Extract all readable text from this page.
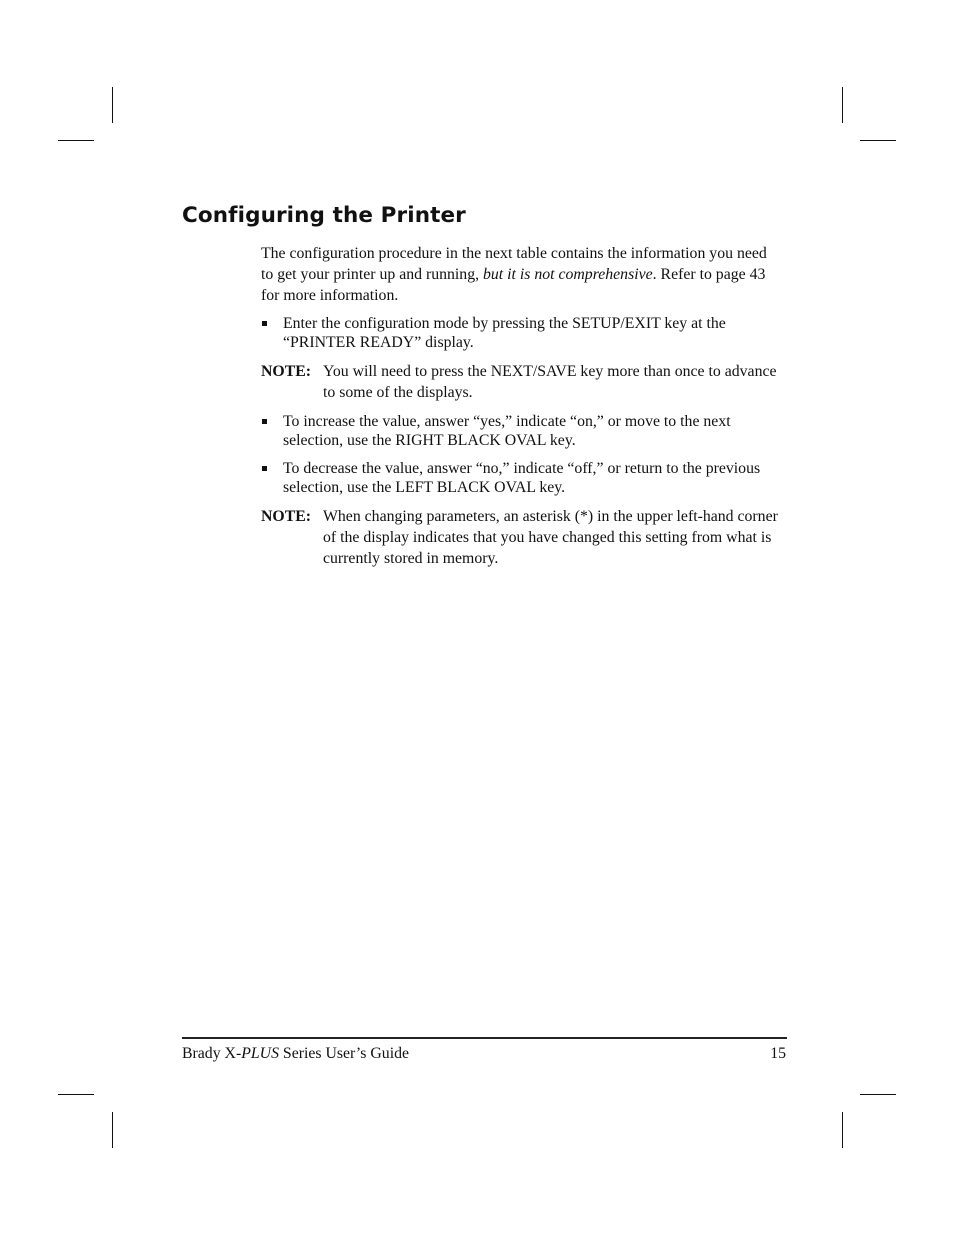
Configuring the Printer

The configuration procedure in the next table contains the information you need to get your printer up and running, but it is not comprehensive. Refer to page 43 for more information.

Enter the configuration mode by pressing the SETUP/EXIT key at the “PRINTER READY” display.
NOTE: You will need to press the NEXT/SAVE key more than once to advance to some of the displays.
To increase the value, answer “yes,” indicate “on,” or move to the next selection, use the RIGHT BLACK OVAL key.
To decrease the value, answer “no,” indicate “off,” or return to the previous selection, use the LEFT BLACK OVAL key.
NOTE: When changing parameters, an asterisk (*) in the upper left-hand corner of the display indicates that you have changed this setting from what is currently stored in memory.
Brady X-PLUS Series User’s Guide	15
